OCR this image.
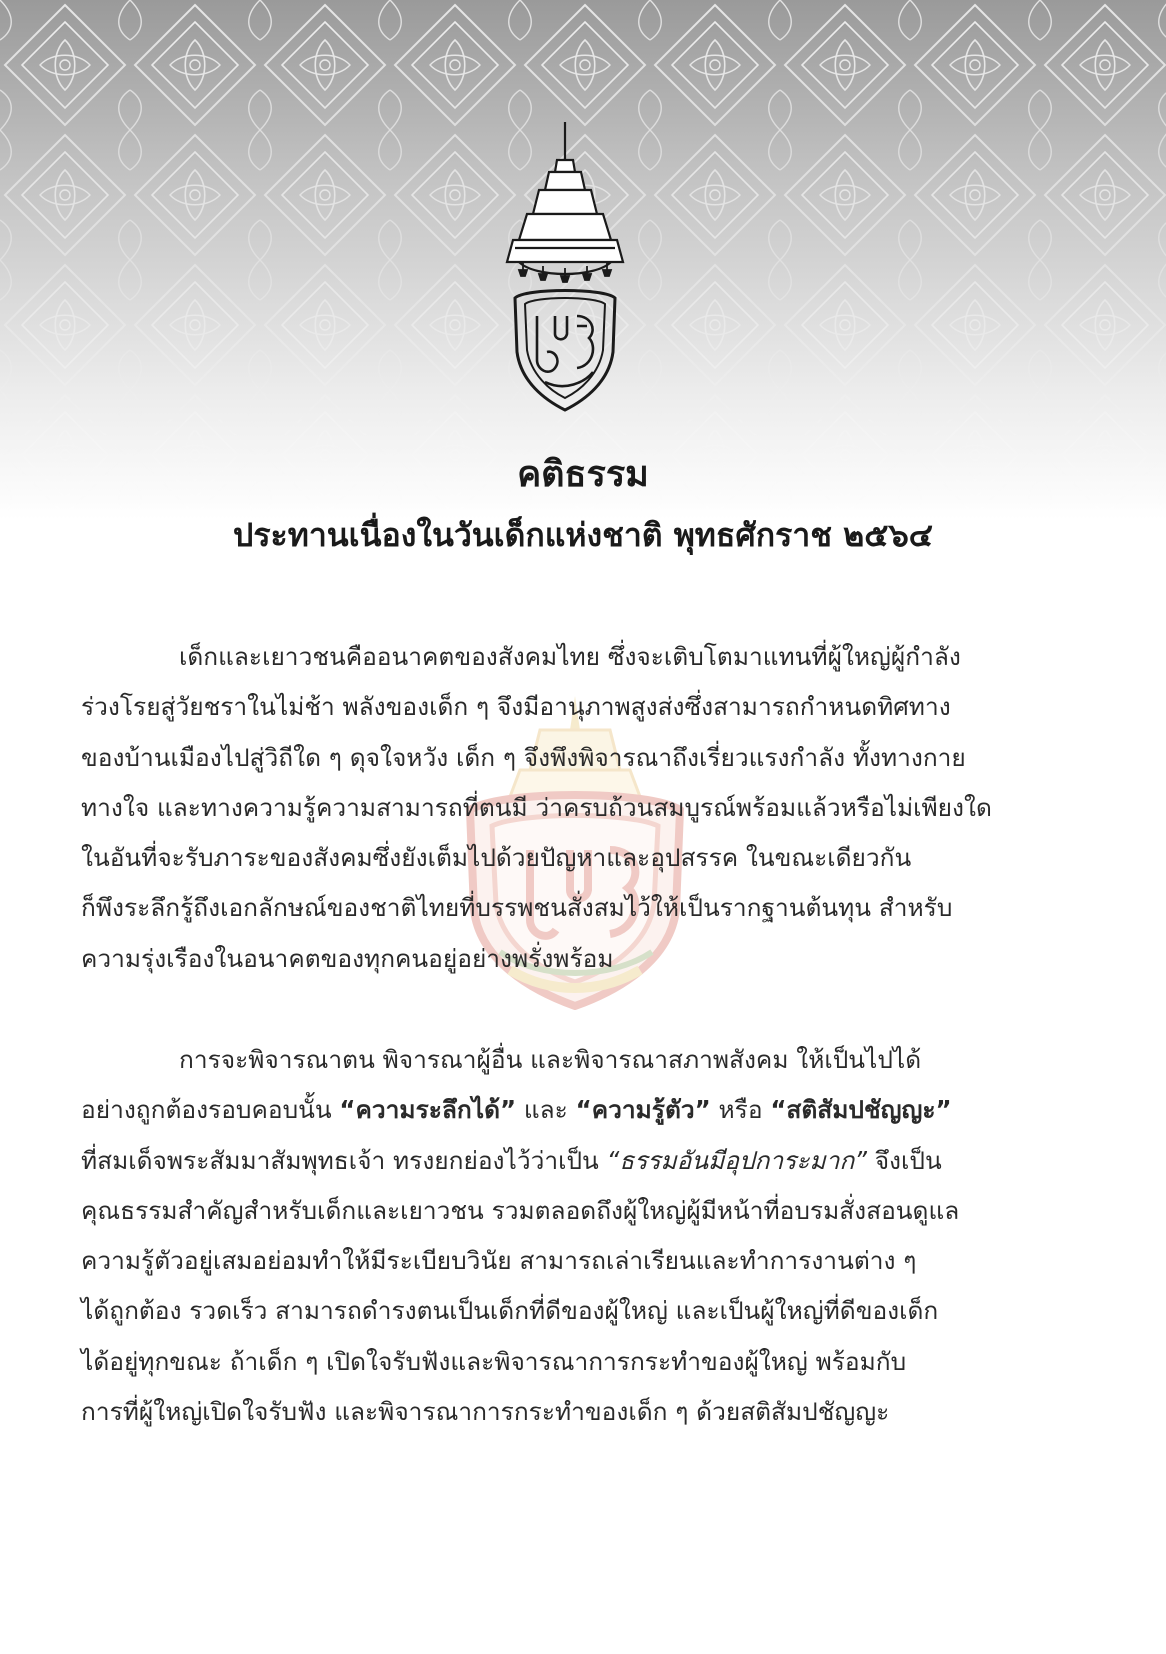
คติธรรม
ประทานเนื่องในวันเด็กแห่งชาติ พุทธศักราช ๒๕๖๔
เด็กและเยาวชนคืออนาคตของสังคมไทย ซึ่งจะเติบโตมาแทนที่ผู้ใหญ่ผู้กำลัง
ร่วงโรยสู่วัยชราในไม่ช้า พลังของเด็ก ๆ จึงมีอานุภาพสูงส่งซึ่งสามารถกำหนดทิศทาง
ของบ้านเมืองไปสู่วิถีใด ๆ ดุจใจหวัง เด็ก ๆ จึงพึงพิจารณาถึงเรี่ยวแรงกำลัง ทั้งทางกาย
ทางใจ และทางความรู้ความสามารถที่ตนมี ว่าครบถ้วนสมบูรณ์พร้อมแล้วหรือไม่เพียงใด
ในอันที่จะรับภาระของสังคมซึ่งยังเต็มไปด้วยปัญหาและอุปสรรค ในขณะเดียวกัน
ก็พึงระลึกรู้ถึงเอกลักษณ์ของชาติไทยที่บรรพชนสั่งสมไว้ให้เป็นรากฐานต้นทุน สำหรับ
ความรุ่งเรืองในอนาคตของทุกคนอยู่อย่างพรั่งพร้อม
การจะพิจารณาตน พิจารณาผู้อื่น และพิจารณาสภาพสังคม ให้เป็นไปได้
อย่างถูกต้องรอบคอบนั้น “ความระลึกได้” และ “ความรู้ตัว” หรือ “สติสัมปชัญญะ”
ที่สมเด็จพระสัมมาสัมพุทธเจ้า ทรงยกย่องไว้ว่าเป็น “ธรรมอันมีอุปการะมาก” จึงเป็น
คุณธรรมสำคัญสำหรับเด็กและเยาวชน รวมตลอดถึงผู้ใหญ่ผู้มีหน้าที่อบรมสั่งสอนดูแล
ความรู้ตัวอยู่เสมอย่อมทำให้มีระเบียบวินัย สามารถเล่าเรียนและทำการงานต่าง ๆ
ได้ถูกต้อง รวดเร็ว สามารถดำรงตนเป็นเด็กที่ดีของผู้ใหญ่ และเป็นผู้ใหญ่ที่ดีของเด็ก
ได้อยู่ทุกขณะ ถ้าเด็ก ๆ เปิดใจรับฟังและพิจารณาการกระทำของผู้ใหญ่ พร้อมกับ
การที่ผู้ใหญ่เปิดใจรับฟัง และพิจารณาการกระทำของเด็ก ๆ ด้วยสติสัมปชัญญะ
